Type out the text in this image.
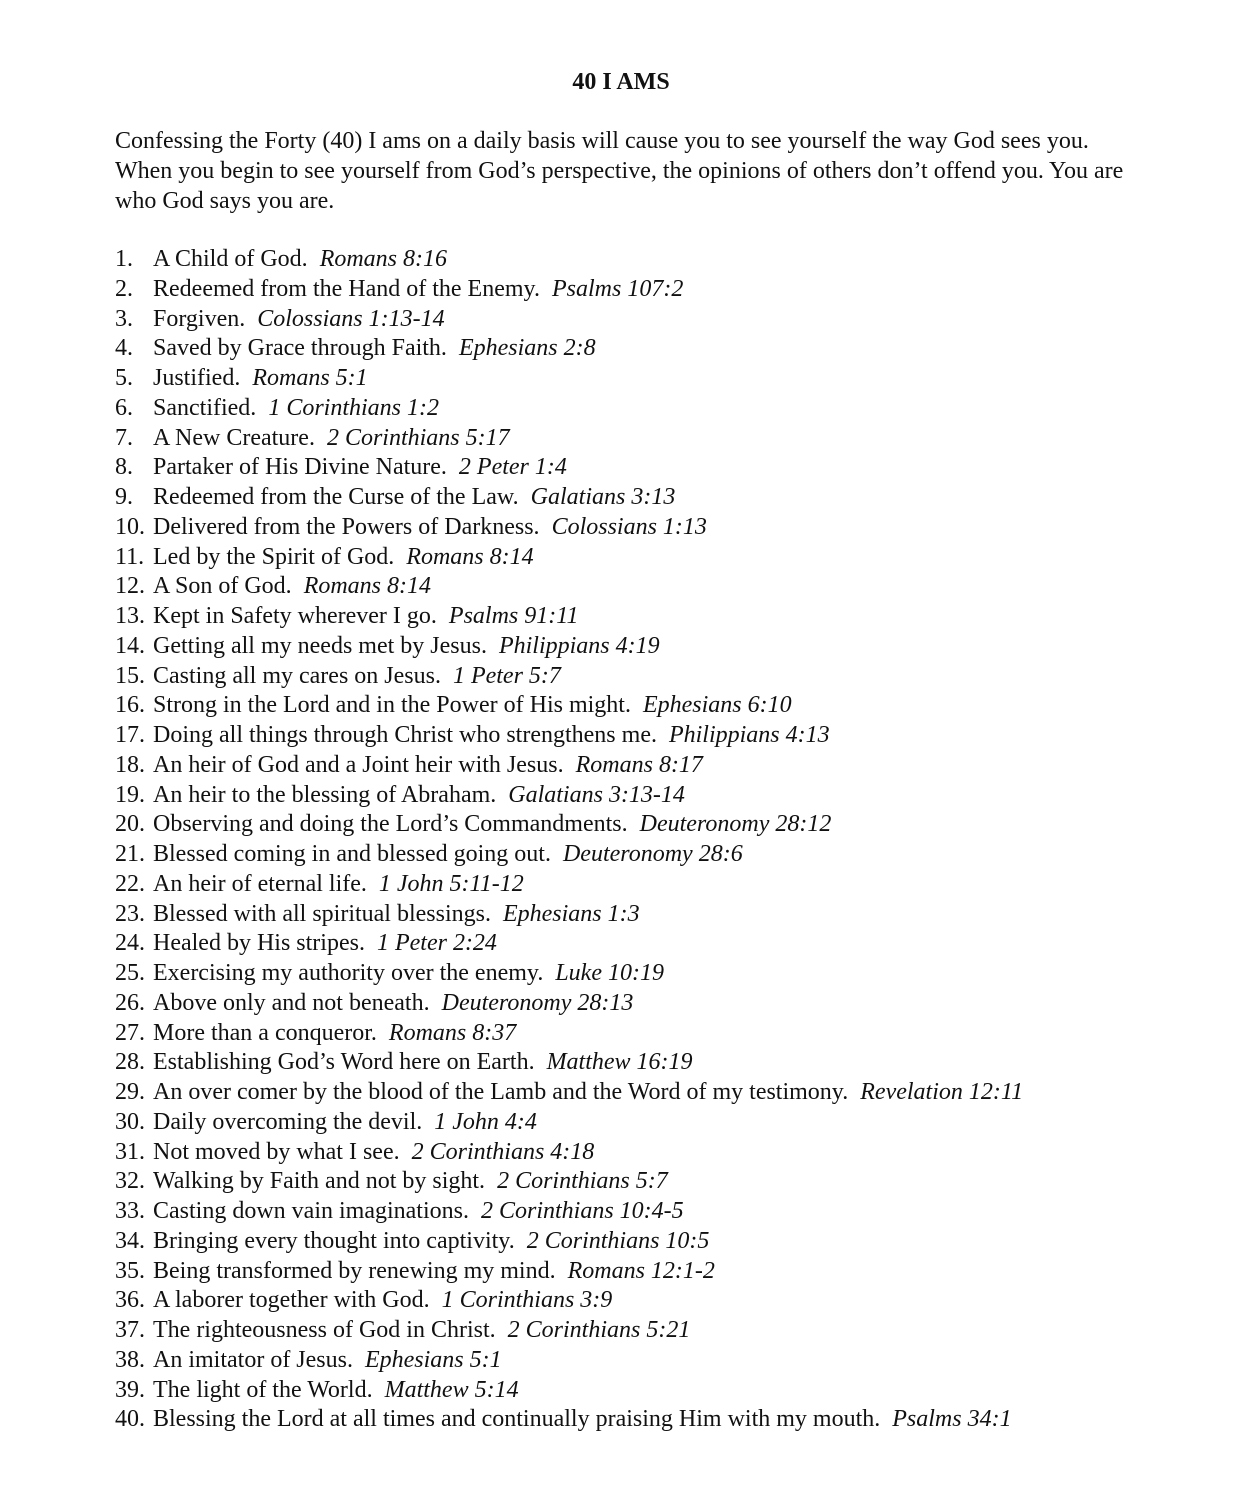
40 I AMS

Confessing the Forty (40) I ams on a daily basis will cause you to see yourself the way God sees you. When you begin to see yourself from God’s perspective, the opinions of others don’t offend you. You are who God says you are.

1. A Child of God. Romans 8:16
2. Redeemed from the Hand of the Enemy. Psalms 107:2
3. Forgiven. Colossians 1:13-14
4. Saved by Grace through Faith. Ephesians 2:8
5. Justified. Romans 5:1
6. Sanctified. 1 Corinthians 1:2
7. A New Creature. 2 Corinthians 5:17
8. Partaker of His Divine Nature. 2 Peter 1:4
9. Redeemed from the Curse of the Law. Galatians 3:13
10. Delivered from the Powers of Darkness. Colossians 1:13
11. Led by the Spirit of God. Romans 8:14
12. A Son of God. Romans 8:14
13. Kept in Safety wherever I go. Psalms 91:11
14. Getting all my needs met by Jesus. Philippians 4:19
15. Casting all my cares on Jesus. 1 Peter 5:7
16. Strong in the Lord and in the Power of His might. Ephesians 6:10
17. Doing all things through Christ who strengthens me. Philippians 4:13
18. An heir of God and a Joint heir with Jesus. Romans 8:17
19. An heir to the blessing of Abraham. Galatians 3:13-14
20. Observing and doing the Lord’s Commandments. Deuteronomy 28:12
21. Blessed coming in and blessed going out. Deuteronomy 28:6
22. An heir of eternal life. 1 John 5:11-12
23. Blessed with all spiritual blessings. Ephesians 1:3
24. Healed by His stripes. 1 Peter 2:24
25. Exercising my authority over the enemy. Luke 10:19
26. Above only and not beneath. Deuteronomy 28:13
27. More than a conqueror. Romans 8:37
28. Establishing God’s Word here on Earth. Matthew 16:19
29. An over comer by the blood of the Lamb and the Word of my testimony. Revelation 12:11
30. Daily overcoming the devil. 1 John 4:4
31. Not moved by what I see. 2 Corinthians 4:18
32. Walking by Faith and not by sight. 2 Corinthians 5:7
33. Casting down vain imaginations. 2 Corinthians 10:4-5
34. Bringing every thought into captivity. 2 Corinthians 10:5
35. Being transformed by renewing my mind. Romans 12:1-2
36. A laborer together with God. 1 Corinthians 3:9
37. The righteousness of God in Christ. 2 Corinthians 5:21
38. An imitator of Jesus. Ephesians 5:1
39. The light of the World. Matthew 5:14
40. Blessing the Lord at all times and continually praising Him with my mouth. Psalms 34:1
